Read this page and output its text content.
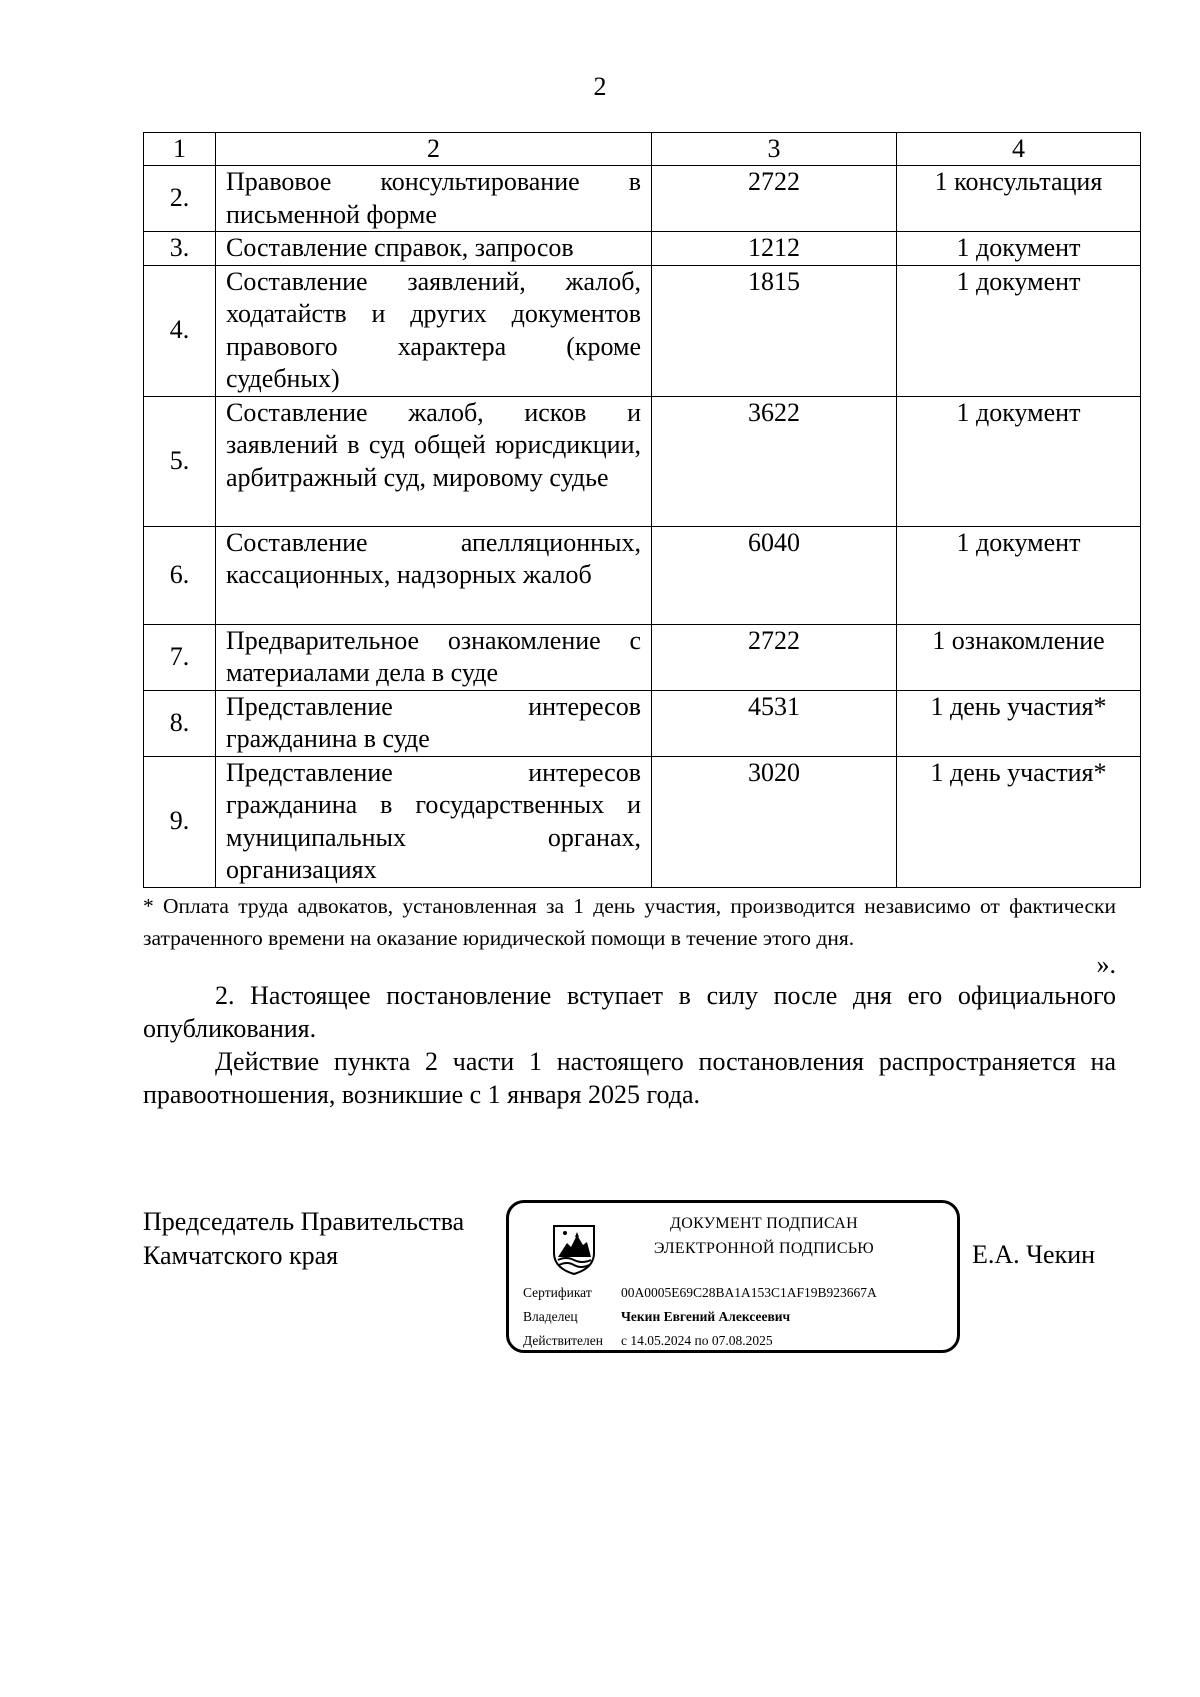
2
1	2	3	4
2.	Правовое консультирование в письменной форме	2722	1 консультация
3.	Составление справок, запросов	1212	1 документ
4.	Составление заявлений, жалоб, ходатайств и других документов правового характера (кроме судебных)	1815	1 документ
5.	Составление жалоб, исков и заявлений в суд общей юрисдикции, арбитражный суд, мировому судье	3622	1 документ
6.	Составление апелляционных, кассационных, надзорных жалоб	6040	1 документ
7.	Предварительное ознакомление с материалами дела в суде	2722	1 ознакомление
8.	Представление интересов гражданина в суде	4531	1 день участия*
9.	Представление интересов гражданина в государственных и муниципальных органах, организациях	3020	1 день участия*
* Оплата труда адвокатов, установленная за 1 день участия, производится независимо от фактически затраченного времени на оказание юридической помощи в течение этого дня.
».
2. Настоящее постановление вступает в силу после дня его официального опубликования.
Действие пункта 2 части 1 настоящего постановления распространяется на правоотношения, возникшие с 1 января 2025 года.
Председатель Правительства
Камчатского края	Е.А. Чекин
ДОКУМЕНТ ПОДПИСАН
ЭЛЕКТРОННОЙ ПОДПИСЬЮ
Сертификат 00A0005E69C28BA1A153C1AF19B923667A
Владелец	Чекин Евгений Алексеевич
Действителен с 14.05.2024 по 07.08.2025
